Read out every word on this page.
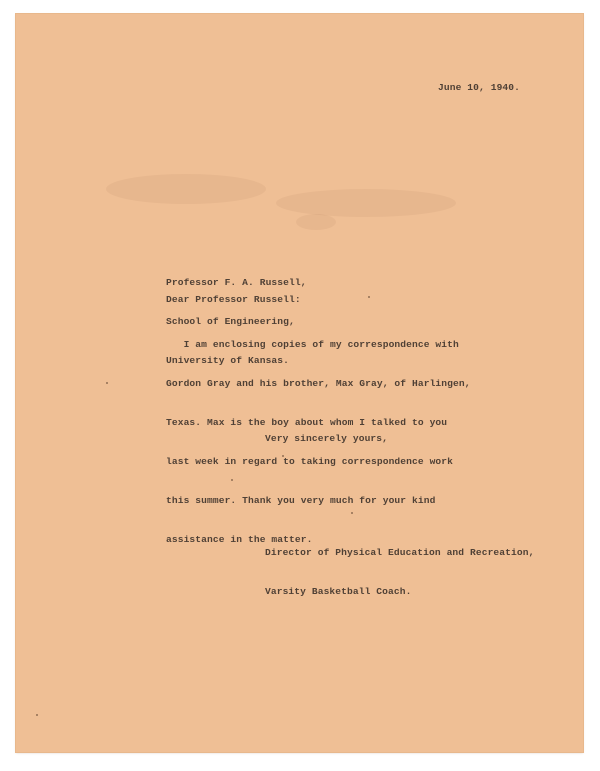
June 10, 1940.

Professor F. A. Russell,

School of Engineering,

University of Kansas.

Dear Professor Russell:

I am enclosing copies of my correspondence with

Gordon Gray and his brother, Max Gray, of Harlingen,

Texas. Max is the boy about whom I talked to you

last week in regard to taking correspondence work

this summer. Thank you very much for your kind

assistance in the matter.

Very sincerely yours,

Director of Physical Education and Recreation,

Varsity Basketball Coach.
